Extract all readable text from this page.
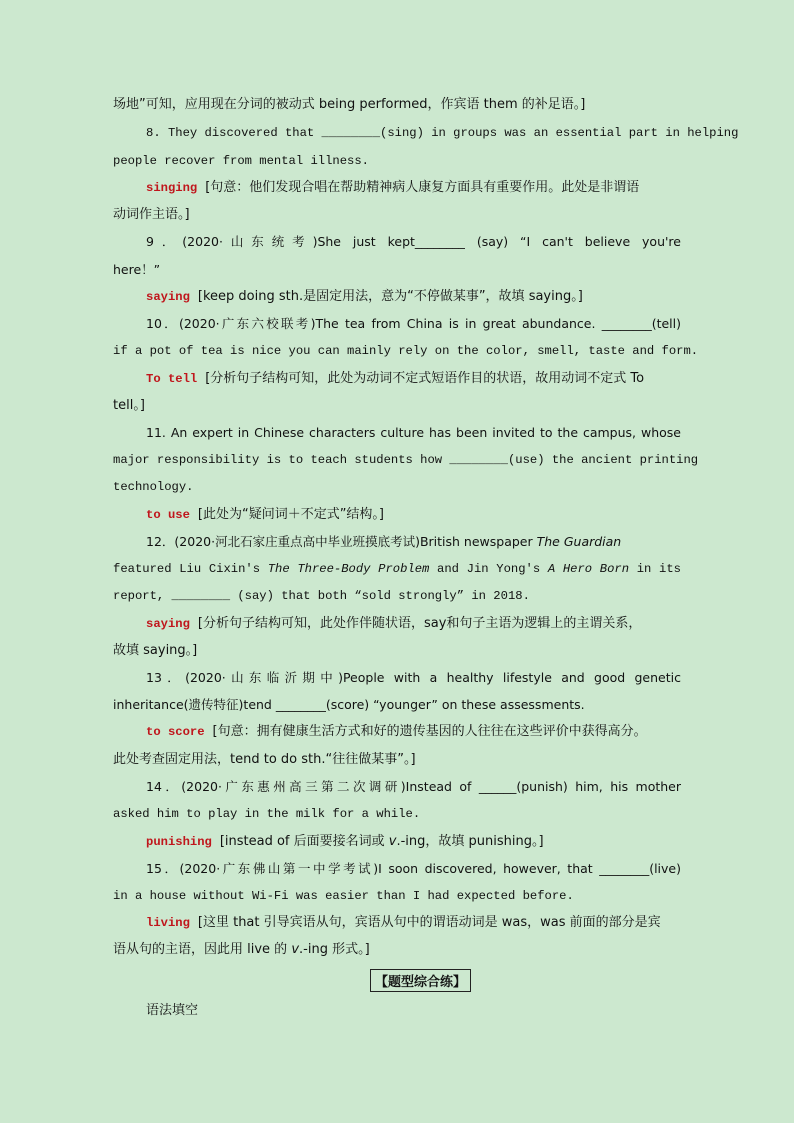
场地”可知，应用现在分词的被动式 being performed，作宾语 them 的补足语。]
8. They discovered that ________(sing) in groups was an essential part in helping
people recover from mental illness.
singing [句意：他们发现合唱在帮助精神病人康复方面具有重要作用。此处是非谓语
动词作主语。]
9．(2020·山东统考)She just kept________ (say) “I can't believe you're
here！”
saying [keep doing sth.是固定用法，意为“不停做某事”，故填 saying。]
10．(2020·广东六校联考)The tea from China is in great abundance. ________(tell)
if a pot of tea is nice you can mainly rely on the color, smell, taste and form.
To tell [分析句子结构可知，此处为动词不定式短语作目的状语，故用动词不定式 To
tell。]
11. An expert in Chinese characters culture has been invited to the campus, whose
major responsibility is to teach students how ________(use) the ancient printing
technology.
to use [此处为“疑问词＋不定式”结构。]
12．(2020·河北石家庄重点高中毕业班摸底考试)British newspaper The Guardian
featured Liu Cixin's The Three-Body Problem and Jin Yong's A Hero Born in its
report, ________ (say) that both “sold strongly” in 2018.
saying [分析句子结构可知，此处作伴随状语，say和句子主语为逻辑上的主谓关系，
故填 saying。]
13．(2020·山东临沂期中)People with a healthy lifestyle and good genetic
inheritance(遗传特征)tend ________(score) “younger” on these assessments.
to score [句意：拥有健康生活方式和好的遗传基因的人往往在这些评价中获得高分。
此处考查固定用法，tend to do sth.“往往做某事”。]
14．(2020·广东惠州高三第二次调研)Instead of ______(punish) him, his mother
asked him to play in the milk for a while.
punishing [instead of 后面要接名词或 v.-ing，故填 punishing。]
15．(2020·广东佛山第一中学考试)I soon discovered, however, that ________(live)
in a house without Wi-Fi was easier than I had expected before.
living [这里 that 引导宾语从句，宾语从句中的谓语动词是 was，was 前面的部分是宾
语从句的主语，因此用 live 的 v.-ing 形式。]
【题型综合练】
语法填空
